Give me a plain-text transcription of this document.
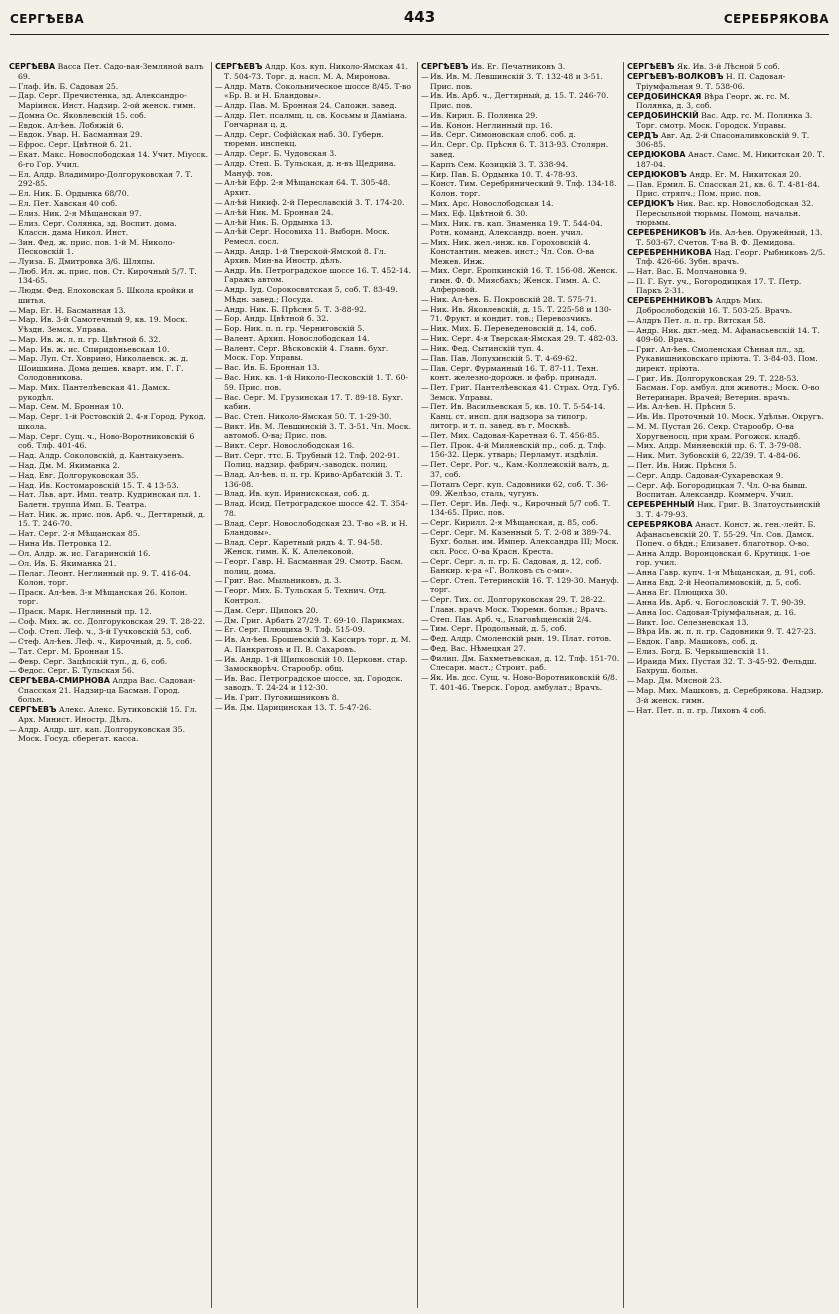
СЕРГѢЕВА	443	СЕРЕБРЯКОВА
СЕРГѢЕВА Васса Пет. Садо-вая-Земляной валъ 69.
—Глаф. Ив. Б. Садовая 25.
—Дар. Серг. Пречистенка, зд. Александро-Маріинск. Инст. Надзир. 2-ой женск. гимн.
—Домна Ос. Яковлевскій 15. соб.
—Евдок. Ал-ѣев. Лобяжій 6.
—Евдок. Увар. Н. Басманная 29.
—Ефрос. Серг. Цвѣтной б. 21.
—Екат. Макс. Новослободская 14. Учит. Міусск. 6-го Гор. Учил.
—Ел. Алдр. Владимиро-Долгоруковская 7. Т. 292-85.
—Ел. Ник. Б. Ордынка 68/70.
—Ел. Пет. Хавская 40 соб.
—Елиз. Ник. 2-я Мѣщанская 97.
—Елиз. Серг. Солянка, зд. Воспит. дома. Классн. дама Никол. Инст.
—Зин. Фед. ж. прис. пов. 1-й М. Николо-Песковскій 1.
—Луиза. Б. Дмитровка 3/6. Шляпы.
—Люб. Ил. ж. прис. пов. Ст. Кирочный 5/7. Т. 134-65.
—Людм. Фед. Елоховская 5. Школа кройки и шитья.
—Мар. Ег. Н. Басманная 13.
—Мар. Ив. 3-й Самотечный 9, кв. 19. Моск. Уѣздн. Земск. Управа.
—Мар. Ив. ж. л. п. гр. Цвѣтной б. 32.
—Мар. Ив. ж. ис. Спиридоньевская 10.
—Мар. Луп. Ст. Ховрино, Николаевск. ж. д. Шоишкина. Дома дешев. кварт. им. Г. Г. Солодовникова.
—Мар. Мих. Пантелѣевская 41. Дамск. рукодѣл.
—Мар. Сем. М. Бронная 10.
—Мар. Серг. 1-й Ростовскій 2. 4-я Город. Рукод. школа.
—Мар. Серг. Сущ. ч., Ново-Воротниковскій 6 соб. Тлф. 401-46.
—Над. Алдр. Соколовскій, д. Кантакузенъ.
—Над. Дм. М. Якиманка 2.
—Над. Евг. Долгоруковская 35.
—Над. Ив. Костомаровскій 15. Т. 4 13-53.
—Нат. Льв. арт. Имп. театр. Кудринская пл. 1. Балетн. труппа Имп. Б. Театра.
—Нат. Ник. ж. прис. пов. Арб. ч., Дегтярный, д. 15. Т. 246-70.
—Нат. Серг. 2-я Мѣщанская 85.
—Нина Ив. Петровка 12.
—Ол. Алдр. ж. ис. Гагаринскій 16.
—Ол. Ив. Б. Якиманка 21.
—Пелаг. Леонт. Неглинный пр. 9. Т. 416-04. Колон. торг.
—Праск. Ал-ѣев. 3-я Мѣщанская 26. Колон. торг.
—Праск. Марк. Неглинный пр. 12.
—Соф. Мих. ж. сс. Долгоруковская 29. Т. 28-22.
—Соф. Степ. Леф. ч., 3-й Гучковскій 53, соб.
—Стеф. Ал-ѣев. Леф. ч., Кирочный, д. 5, соб.
—Тат. Серг. М. Бронная 15.
—Февр. Серг. Зацѣпскій туп., д. 6, соб.
—Федос. Серг. Б. Тульская 56.
СЕРГѢЕВА-СМИРНОВА Алдра Вас. Садовая-Спасская 21. Надзир-ца Басман. Город. больн.
СЕРГѢЕВЪ Алекс. Алекс. Бутиковскій 15. Гл. Арх. Минист. Иностр. Дѣлъ.
—Алдр. Алдр. шт. кап. Долгоруковская 35. Моск. Госуд. сберегат. касса.
СЕРГѢЕВЪ Алдр. Коз. куп. Николо-Ямская 41. Т. 504-73. Торг. д. насл. М. А. Миронова.
—Алдр. Матв. Сокольническое шоссе 8/45. Т-во «Бр. В. и Н. Бландовы».
—Алдр. Пав. М. Бронная 24. Сапожн. завед.
—Алдр. Пет. псалмщ. ц. св. Косьмы и Даміана. Гончарная ц. д.
—Алдр. Серг. Софійская наб. 30. Губерн. тюремн. инспекц.
—Алдр. Серг. Б. Чудовская 3.
—Алдр. Степ. Б. Тульская, д. н-въ Щедрина. Мануф. тов.
—Ал-ѣй Ефр. 2-я Мѣщанская 64. Т. 305-48. Архит.
—Ал-ѣй Никиф. 2-й Переславскій 3. Т. 174-20.
—Ал-ѣй Ник. М. Бронная 24.
—Ал-ѣй Ник. Б. Ордынка 13.
—Ал-ѣй Серг. Носовиха 11. Выборн. Моск. Ремесл. сосл.
—Андр. Андр. 1-й Тверской-Ямской 8. Гл. Архив. Мин-ва Иностр. дѣлъ.
—Андр. Ив. Петроградское шоссе 16. Т. 452-14. Гаражъ автом.
—Андр. Іуд. Сорокосвятская 5, соб. Т. 83-49. Мѣдн. завед.; Посуда.
—Андр. Ник. Б. Прѣсня 5. Т. 3-88-92.
—Бор. Андр. Цвѣтной б. 32.
—Бор. Ник. п. п. гр. Черниговскій 5.
—Валент. Архип. Новослободская 14.
—Валент. Серг. Вѣсковскій 4. Главн. бухг. Моск. Гор. Управы.
—Вас. Ив. Б. Бронная 13.
—Вас. Ник. кв. 1-й Николо-Песковскій 1. Т. 60-59. Прис. пов.
—Вас. Серг. М. Грузинская 17. Т. 89-18. Бухг. кабин.
—Вас. Степ. Николо-Ямская 50. Т. 1-29-30.
—Викт. Ив. М. Левшинскій 3. Т. 3-51. Чл. Моск. автомоб. О-ва; Прис. пов.
—Викт. Серг. Новослободская 16.
—Вит. Серг. ттс. Б. Трубный 12. Тлф. 202-91. Полиц. надзир. фабрич.-заводск. полиц.
—Влад. Ал-ѣев. п. п. гр. Криво-Арбатскій 3. Т. 136-08.
—Влад. Ив. куп. Иринискская, соб. д.
—Влад. Исид. Петроградское шоссе 42. Т. 354-78.
—Влад. Серг. Новослободская 23. Т-во «В. и Н. Бландовы».
—Влад. Серг. Каретный рядъ 4. Т. 94-58. Женск. гимн. К. К. Алелековой.
—Георг. Гавр. Н. Басманная 29. Смотр. Басм. полиц. дома.
—Григ. Вас. Мыльниковъ, д. 3.
—Георг. Мих. Б. Тульская 5. Технич. Отд. Контрол.
—Дам. Серг. Щипокъ 20.
—Дм. Григ. Арбатъ 27/29. Т. 69-10. Парикмах.
—Ег. Серг. Плющиха 9. Тлф. 515-09.
—Ив. Ал-ѣев. Брошевскій 3. Кассиръ торг. д. М. А. Панкратовъ и П. В. Сахаровъ.
—Ив. Андр. 1-й Щипковскій 10. Церковн. стар. Замоскворѣч. Старообр. общ.
—Ив. Вас. Петроградское шоссе, зд. Городск. заводъ. Т. 24-24 и 112-30.
—Ив. Григ. Пуговишниковъ 8.
—Ив. Дм. Царицинская 13. Т. 5-47-26.
СЕРГѢЕВЪ Ив. Ег. Печатниковъ 3.
—Ив. Ив. М. Левшинскій 3. Т. 132-48 и 3-51. Прис. пов.
—Ив. Ив. Арб. ч., Дегтярный, д. 15. Т. 246-70. Прис. пов.
—Ив. Кирил. Б. Полянка 29.
—Ив. Конон. Неглинный пр. 16.
—Ив. Серг. Симоновская слоб. соб. д.
—Ил. Серг. Ср. Прѣсня 6. Т. 313-93. Столярн. завед.
—Карпъ Сем. Козицкій 3. Т. 338-94.
—Кир. Пав. Б. Ордынка 10. Т. 4-78-93.
—Конст. Тим. Серебрянический 9. Тлф. 134-18. Колон. торг.
—Мих. Арс. Новослободская 14.
—Мих. Еф. Цвѣтной б. 30.
—Мих. Ник. гв. кап. Знаменка 19. Т. 544-04. Ротн. команд. Александр. воен. учил.
—Мих. Ник. жел.-инж. кв. Гороховскій 4. Константин. межев. инст.; Чл. Сов. О-ва Межев. Инж.
—Мих. Серг. Еропкинскій 16. Т. 156-08. Женск. гимн. Ф. Ф. Миясбахъ; Женск. Гимн. А. С. Алферовой.
—Ник. Ал-ѣев. Б. Покровскій 28. Т. 575-71.
—Ник. Ив. Яковлевскій, д. 15. Т. 225-58 и 130-71. Фрукт. и кондит. тов.; Перевозчикъ.
—Ник. Мих. Б. Переведеновскій д. 14, соб.
—Ник. Серг. 4-я Тверская-Ямская 29. Т. 482-03.
—Ник. Фед. Сытинскій туп. 4.
—Пав. Пав. Лопухинскій 5. Т. 4-69-62.
—Пав. Серг. Фурманный 16. Т. 87-11. Техн. конт. железно-дорожн. и фабр. принадл.
—Пет. Григ. Пантелѣевская 41. Страх. Отд. Губ. Земск. Управы.
—Пет. Ив. Васильевская 5, кв. 10. Т. 5-54-14. Канц. ст. инсп. для надзора за типогр. литогр. и т. п. завед. въ г. Москвѣ.
—Пет. Мих. Садовая-Каретная 6. Т. 456-85.
—Пет. Прок. 4-й Миляевскій пр., соб. д. Тлф. 156-32. Церк. утварь; Перламут. издѣлія.
—Пет. Серг. Рог. ч., Кам.-Коллежскій валъ, д. 37, соб.
—Потапъ Серг. куп. Садовники 62, соб. Т. 36-09. Желѣзо, сталь, чугунъ.
—Пет. Серг. Ив. Леф. ч., Кирочный 5/7 соб. Т. 134-65. Прис. пов.
—Серг. Кирилл. 2-я Мѣщанская, д. 85, соб.
—Серг. Серг. М. Казенный 5. Т. 2-08 и 389-74. Бухг. больн. им. Импер. Александра III; Моск. скл. Росс. О-ва Красн. Креста.
—Серг. Серг. л. п. гр. Б. Садовая, д. 12, соб. Банкир. к-ра «Г. Волковъ съ с-ми».
—Серг. Степ. Тетеринскій 16. Т. 129-30. Мануф. торг.
—Серг. Тих. сс. Долгоруковская 29. Т. 28-22. Главн. врачъ Моск. Тюремн. больн.; Врачъ.
—Степ. Пав. Арб. ч., Благовѣщенскій 2/4.
—Тим. Серг. Продольный, д. 5, соб.
—Фед. Алдр. Смоленскій рын. 19. Плат. готов.
—Фед. Вас. Нѣмецкая 27.
—Филип. Дм. Бахметьевская, д. 12. Тлф. 151-70. Слесарн. маст.; Строит. раб.
—Як. Ив. дсс. Сущ. ч. Ново-Воротниковскій 6/8. Т. 401-46. Тверск. Город. амбулат.; Врачъ.
СЕРГѢЕВЪ Як. Ив. 3-й Лѣсной 5 соб.
СЕРГѢЕВЪ-ВОЛКОВЪ Н. П. Садовая-Тріумфальная 9. Т. 538-06.
СЕРДОБИНСКАЯ Вѣра Георг. ж. гс. М. Полянка, д. 3, соб.
СЕРДОБИНСКІЙ Вас. Адр. гс. М. Полянка 3. Торг. смотр. Моск. Городск. Управы.
СЕРДЪ Авг. Ад. 2-й Спасоналивковскій 9. Т. 306-85.
СЕРДЮКОВА Анаст. Самс. М. Никитская 20. Т. 187-04.
СЕРДЮКОВЪ Андр. Ег. М. Никитская 20.
—Пав. Ермил. Б. Спасская 21, кв. 6. Т. 4-81-84. Прис. стряпч.; Пом. прис. пов.
СЕРДЮКЪ Ник. Вас. кр. Новослободская 32. Пересыльной тюрьмы. Помощ. начальн. тюрьмы.
СЕРЕБРЕНИКОВЪ Ив. Ал-ѣев. Оружейный, 13. Т. 503-67. Счетов. Т-ва В. Ф. Демидова.
СЕРЕБРЕННИКОВА Над. Георг. Рыбниковъ 2/5. Тлф. 426-66. Зубн. врачъ.
—Нат. Вас. Б. Молчановка 9.
—П. Г. Бут. уч., Богородицкая 17. Т. Петр. Паркъ 2-31.
СЕРЕБРЕННИКОВЪ Алдръ Мих. Доброслободскій 16. Т. 503-25. Врачъ.
—Алдръ Пет. л. п. гр. Вятская 58.
—Андр. Ник. дкт.-мед. М. Афанасьевскій 14. Т. 409-60. Врачъ.
—Григ. Ал-ѣев. Смоленская Сѣнная пл., зд. Рукавишниковскаго пріюта. Т. 3-84-03. Пом. директ. пріюта.
—Григ. Ив. Долгоруковская 29. Т. 228-53. Басман. Гор. амбул. для животн.; Моск. О-во Ветеринарн. Врачей; Ветерин. врачъ.
—Ив. Ал-ѣев. Н. Прѣсня 5.
—Ив. Ив. Проточный 10. Моск. Удѣльн. Округъ.
—М. М. Пустая 26. Секр. Старообр. О-ва Хоругвеносц. при храм. Рогожск. кладб.
—Мих. Алдр. Миняевскій пр. 6. Т. 3-79-08.
—Ник. Мит. Зубовскій 6, 22/39. Т. 4-84-06.
—Пет. Ив. Ниж. Прѣсня 5.
—Серг. Алдр. Садовая-Сухаревская 9.
—Серг. Аф. Богородицкая 7. Чл. О-ва бывш. Воспитан. Александр. Коммерч. Учил.
СЕРЕБРЕННЫЙ Ник. Григ. В. Златоустьинскій 3. Т. 4-79-93.
СЕРЕБРЯКОВА Анаст. Конст. ж. ген.-лейт. Б. Афанасьевскій 20. Т. 55-29. Чл. Сов. Дамск. Попеч. о бѣдн.; Елизавет. благотвор. О-во.
—Анна Алдр. Воронцовская 6. Крутицк. 1-ое гор. учил.
—Анна Гавр. купч. 1-я Мѣщанская, д. 91, соб.
—Анна Евд. 2-й Неопалимовскій, д. 5, соб.
—Анна Ег. Плющиха 30.
—Анна Ив. Арб. ч. Богословскій 7. Т. 90-39.
—Анна Іос. Садовая-Тріумфальная, д. 16.
—Викт. Іос. Селезневская 13.
—Вѣра Ив. ж. п. п. гр. Садовники 9. Т. 427-23.
—Евдок. Гавр. Машковъ, соб. д.
—Елиз. Богд. Б. Черкышевскій 11.
—Ираида Мих. Пустая 32. Т. 3-45-92. Фельдш. Бахруш. больн.
—Мар. Дм. Мясной 23.
—Мар. Мих. Машковъ, д. Серебрякова. Надзир. 3-й женск. гимн.
—Нат. Пет. п. п. гр. Лиховъ 4 соб.
